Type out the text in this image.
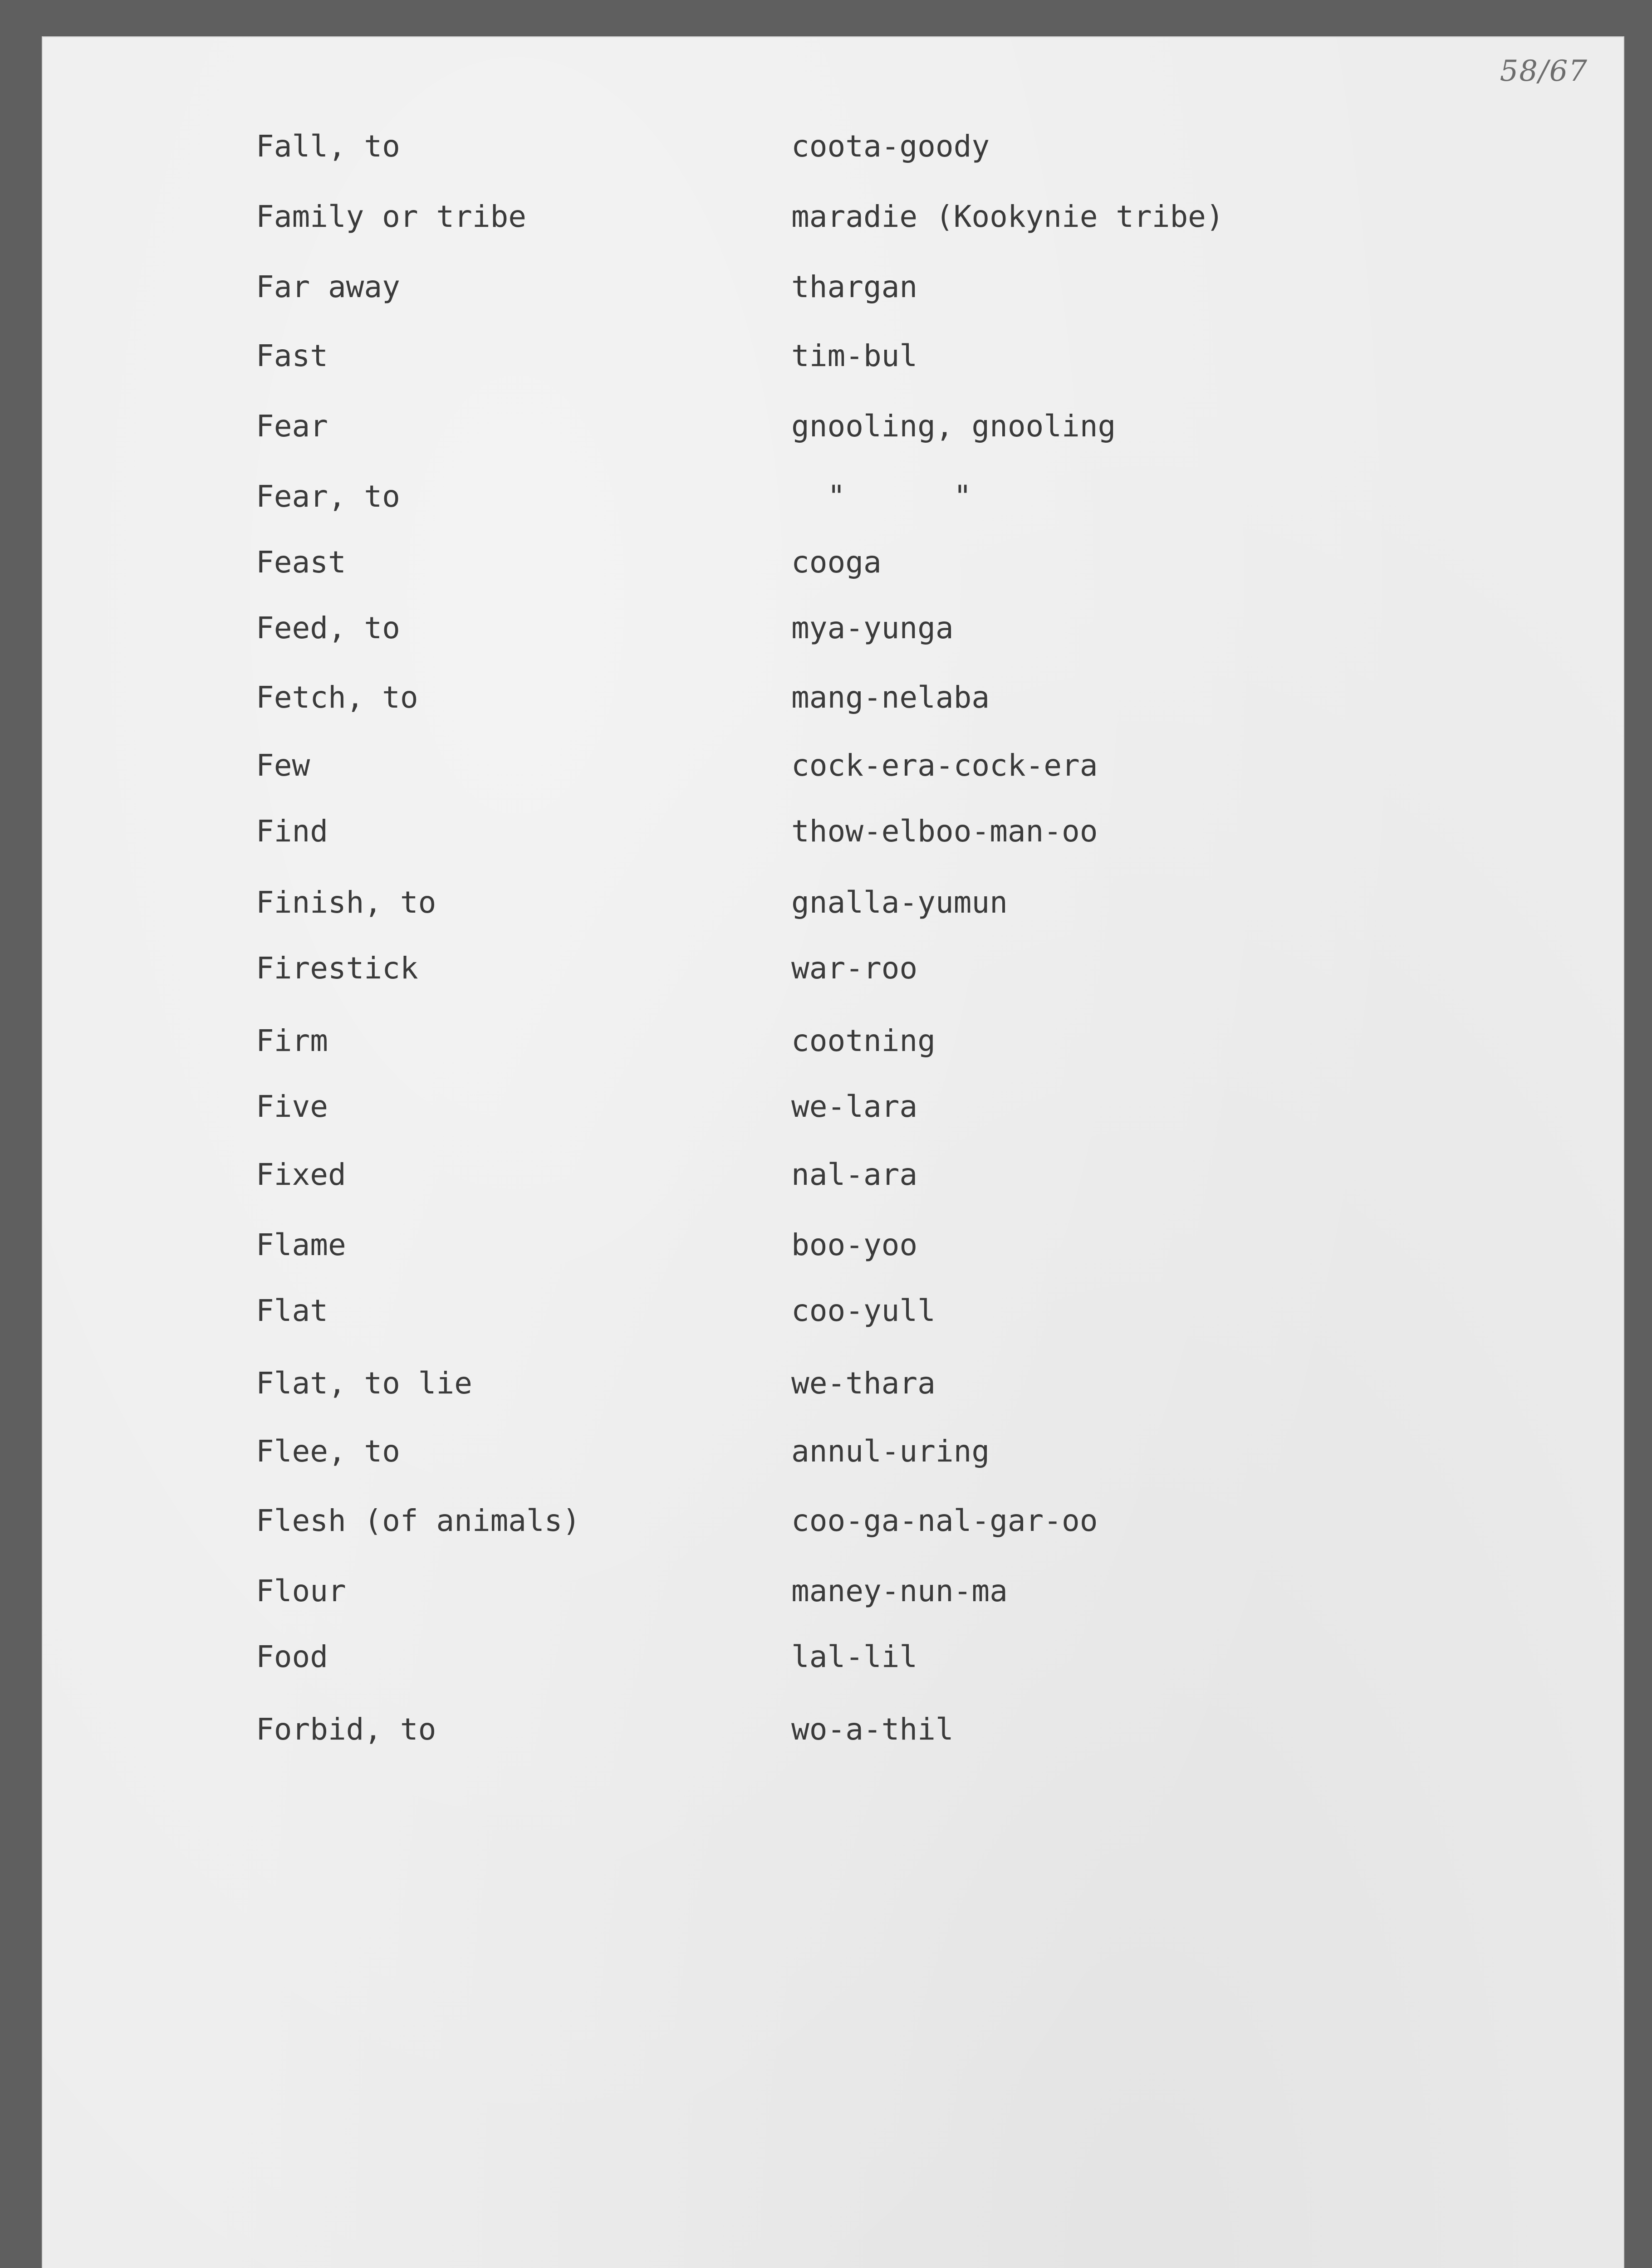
58/67
Fall, to	coota-goody
Family or tribe	maradie (Kookynie tribe)
Far away	thargan
Fast	tim-bul
Fear	gnooling, gnooling
Fear, to	"      "
Feast	cooga
Feed, to	mya-yunga
Fetch, to	mang-nelaba
Few	cock-era-cock-era
Find	thow-elboo-man-oo
Finish, to	gnalla-yumun
Firestick	war-roo
Firm	cootning
Five	we-lara
Fixed	nal-ara
Flame	boo-yoo
Flat	coo-yull
Flat, to lie	we-thara
Flee, to	annul-uring
Flesh (of animals)	coo-ga-nal-gar-oo
Flour	maney-nun-ma
Food	lal-lil
Forbid, to	wo-a-thil
